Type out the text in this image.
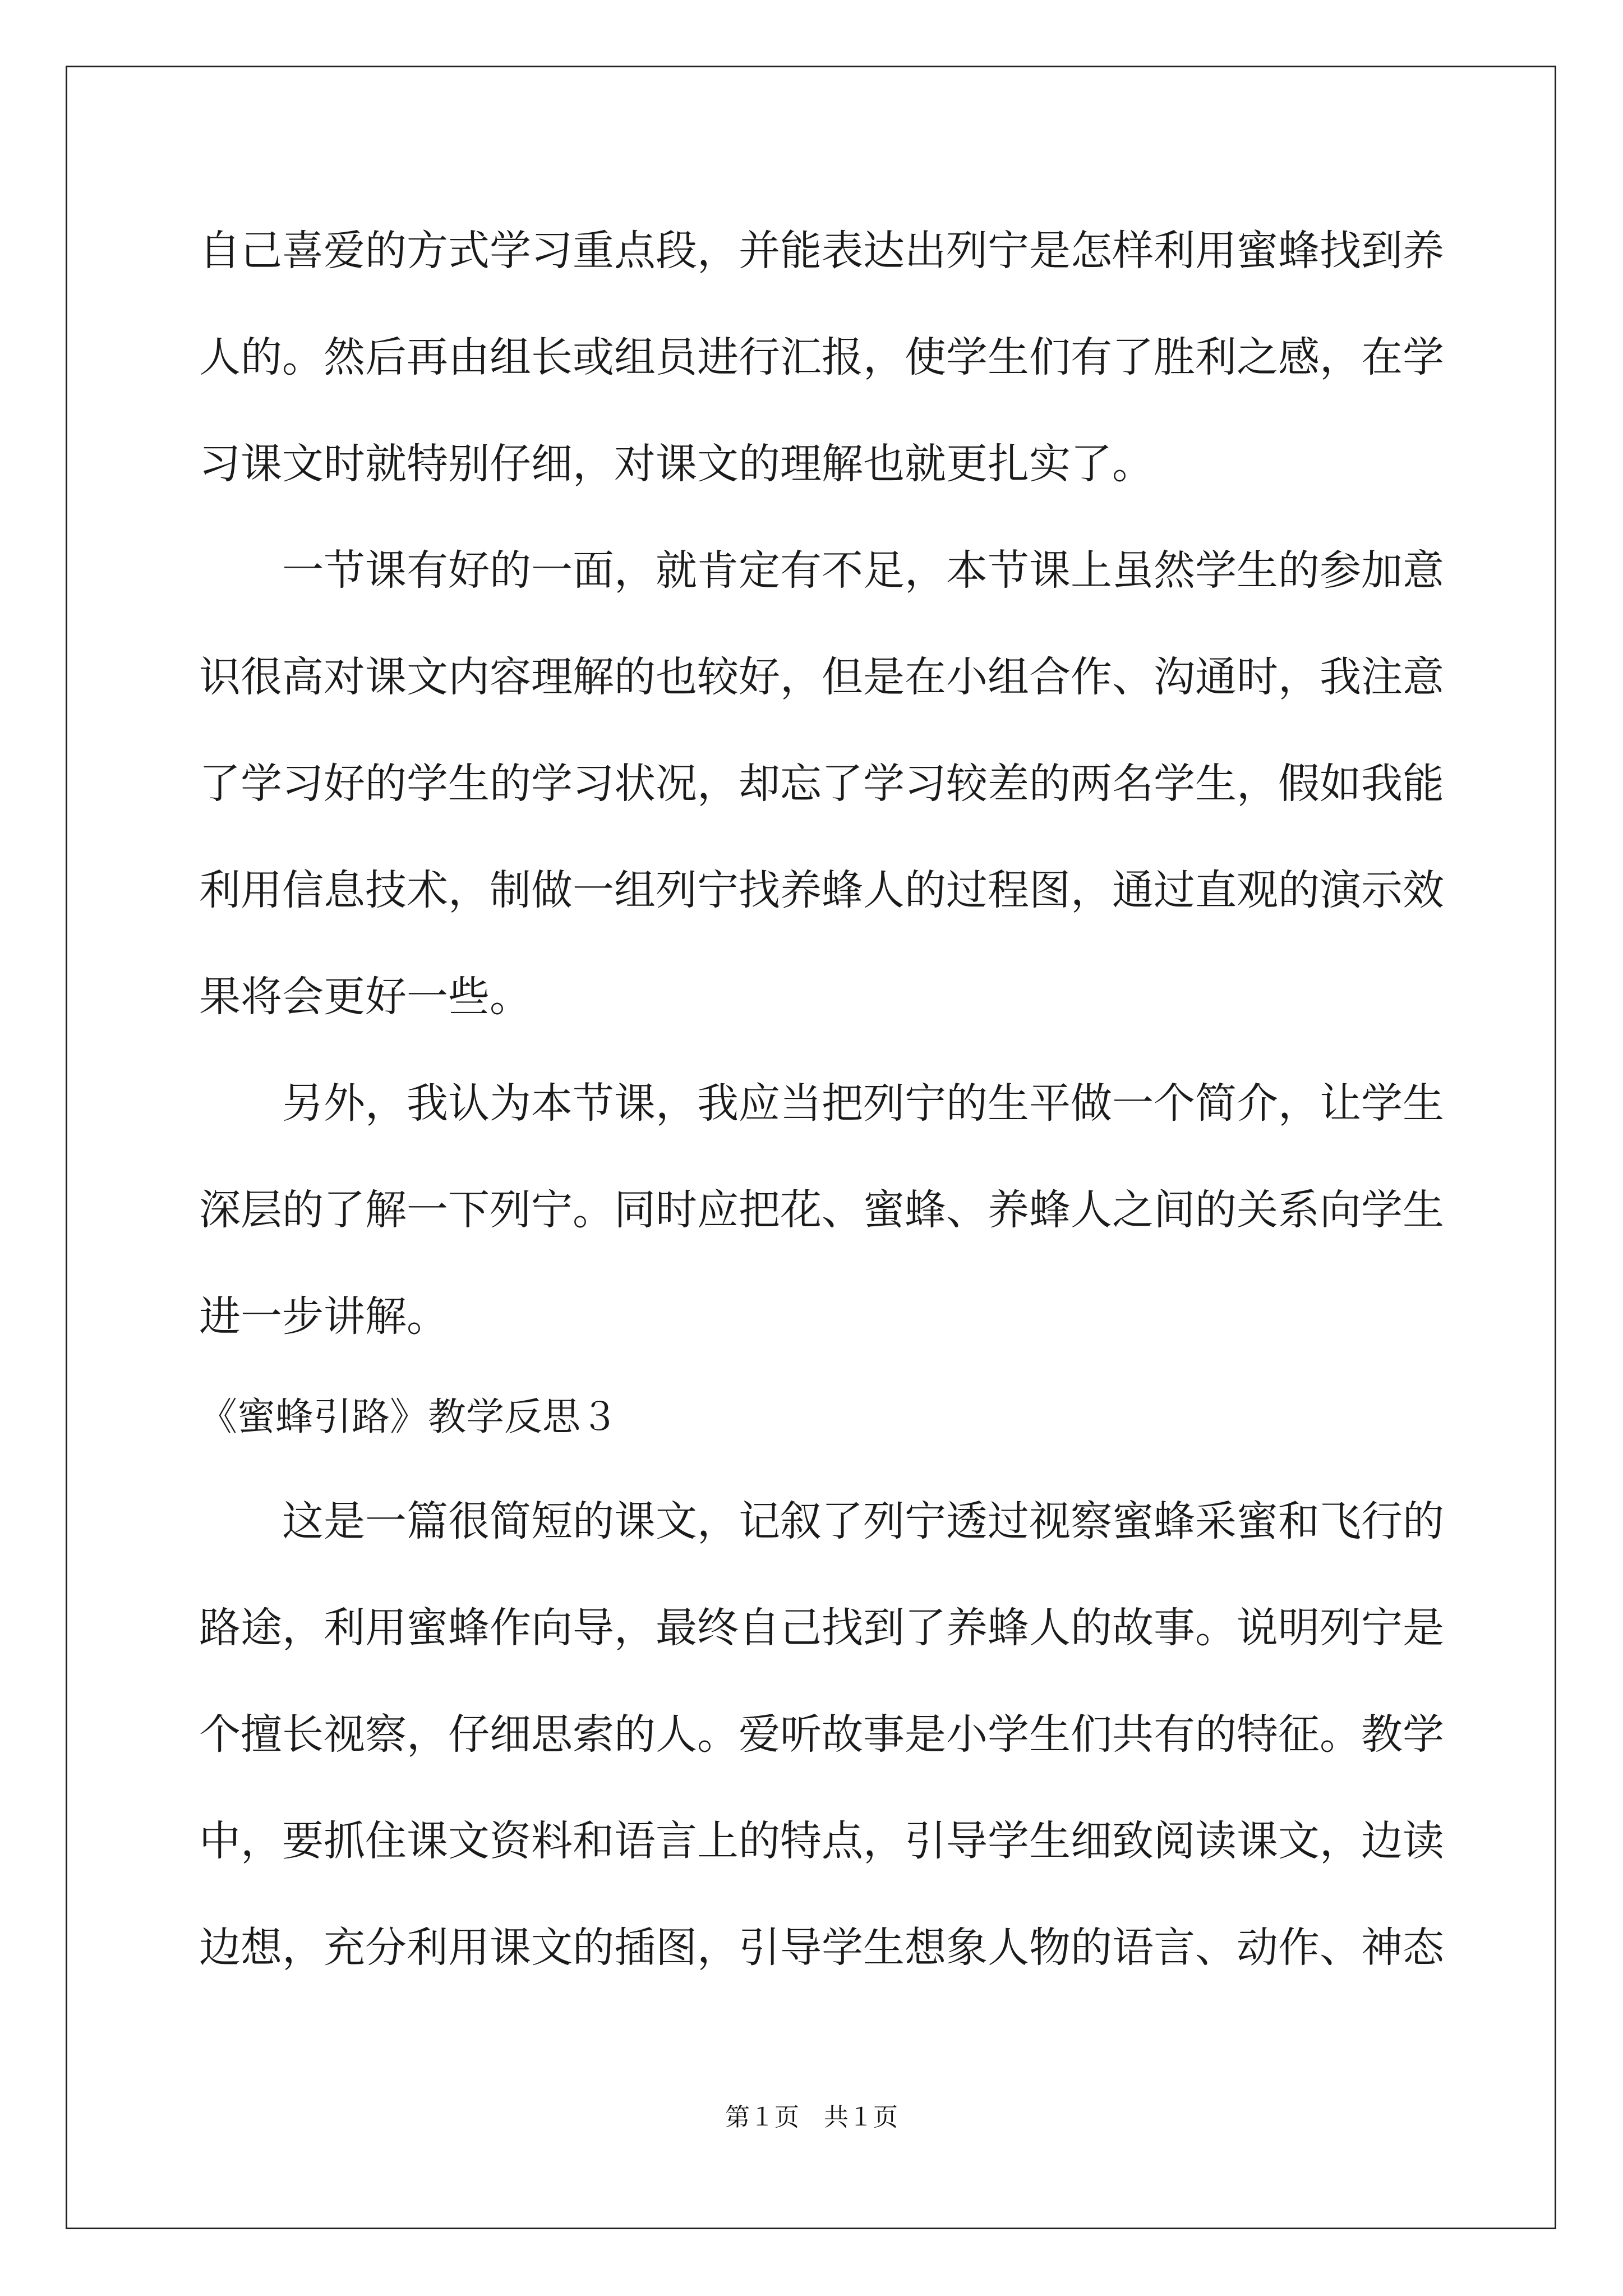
自己喜爱的方式学习重点段，并能表达出列宁是怎样利用蜜蜂找到养
人的。然后再由组长或组员进行汇报，使学生们有了胜利之感，在学
习课文时就特别仔细，对课文的理解也就更扎实了。
一节课有好的一面，就肯定有不足，本节课上虽然学生的参加意
识很高对课文内容理解的也较好，但是在小组合作、沟通时，我注意
了学习好的学生的学习状况，却忘了学习较差的两名学生，假如我能
利用信息技术，制做一组列宁找养蜂人的过程图，通过直观的演示效
果将会更好一些。
另外，我认为本节课，我应当把列宁的生平做一个简介，让学生
深层的了解一下列宁。同时应把花、蜜蜂、养蜂人之间的关系向学生
进一步讲解。
《蜜蜂引路》教学反思３
这是一篇很简短的课文，记叙了列宁透过视察蜜蜂采蜜和飞行的
路途，利用蜜蜂作向导，最终自己找到了养蜂人的故事。说明列宁是
个擅长视察，仔细思索的人。爱听故事是小学生们共有的特征。教学
中，要抓住课文资料和语言上的特点，引导学生细致阅读课文，边读
边想，充分利用课文的插图，引导学生想象人物的语言、动作、神态
第１页　共１页
